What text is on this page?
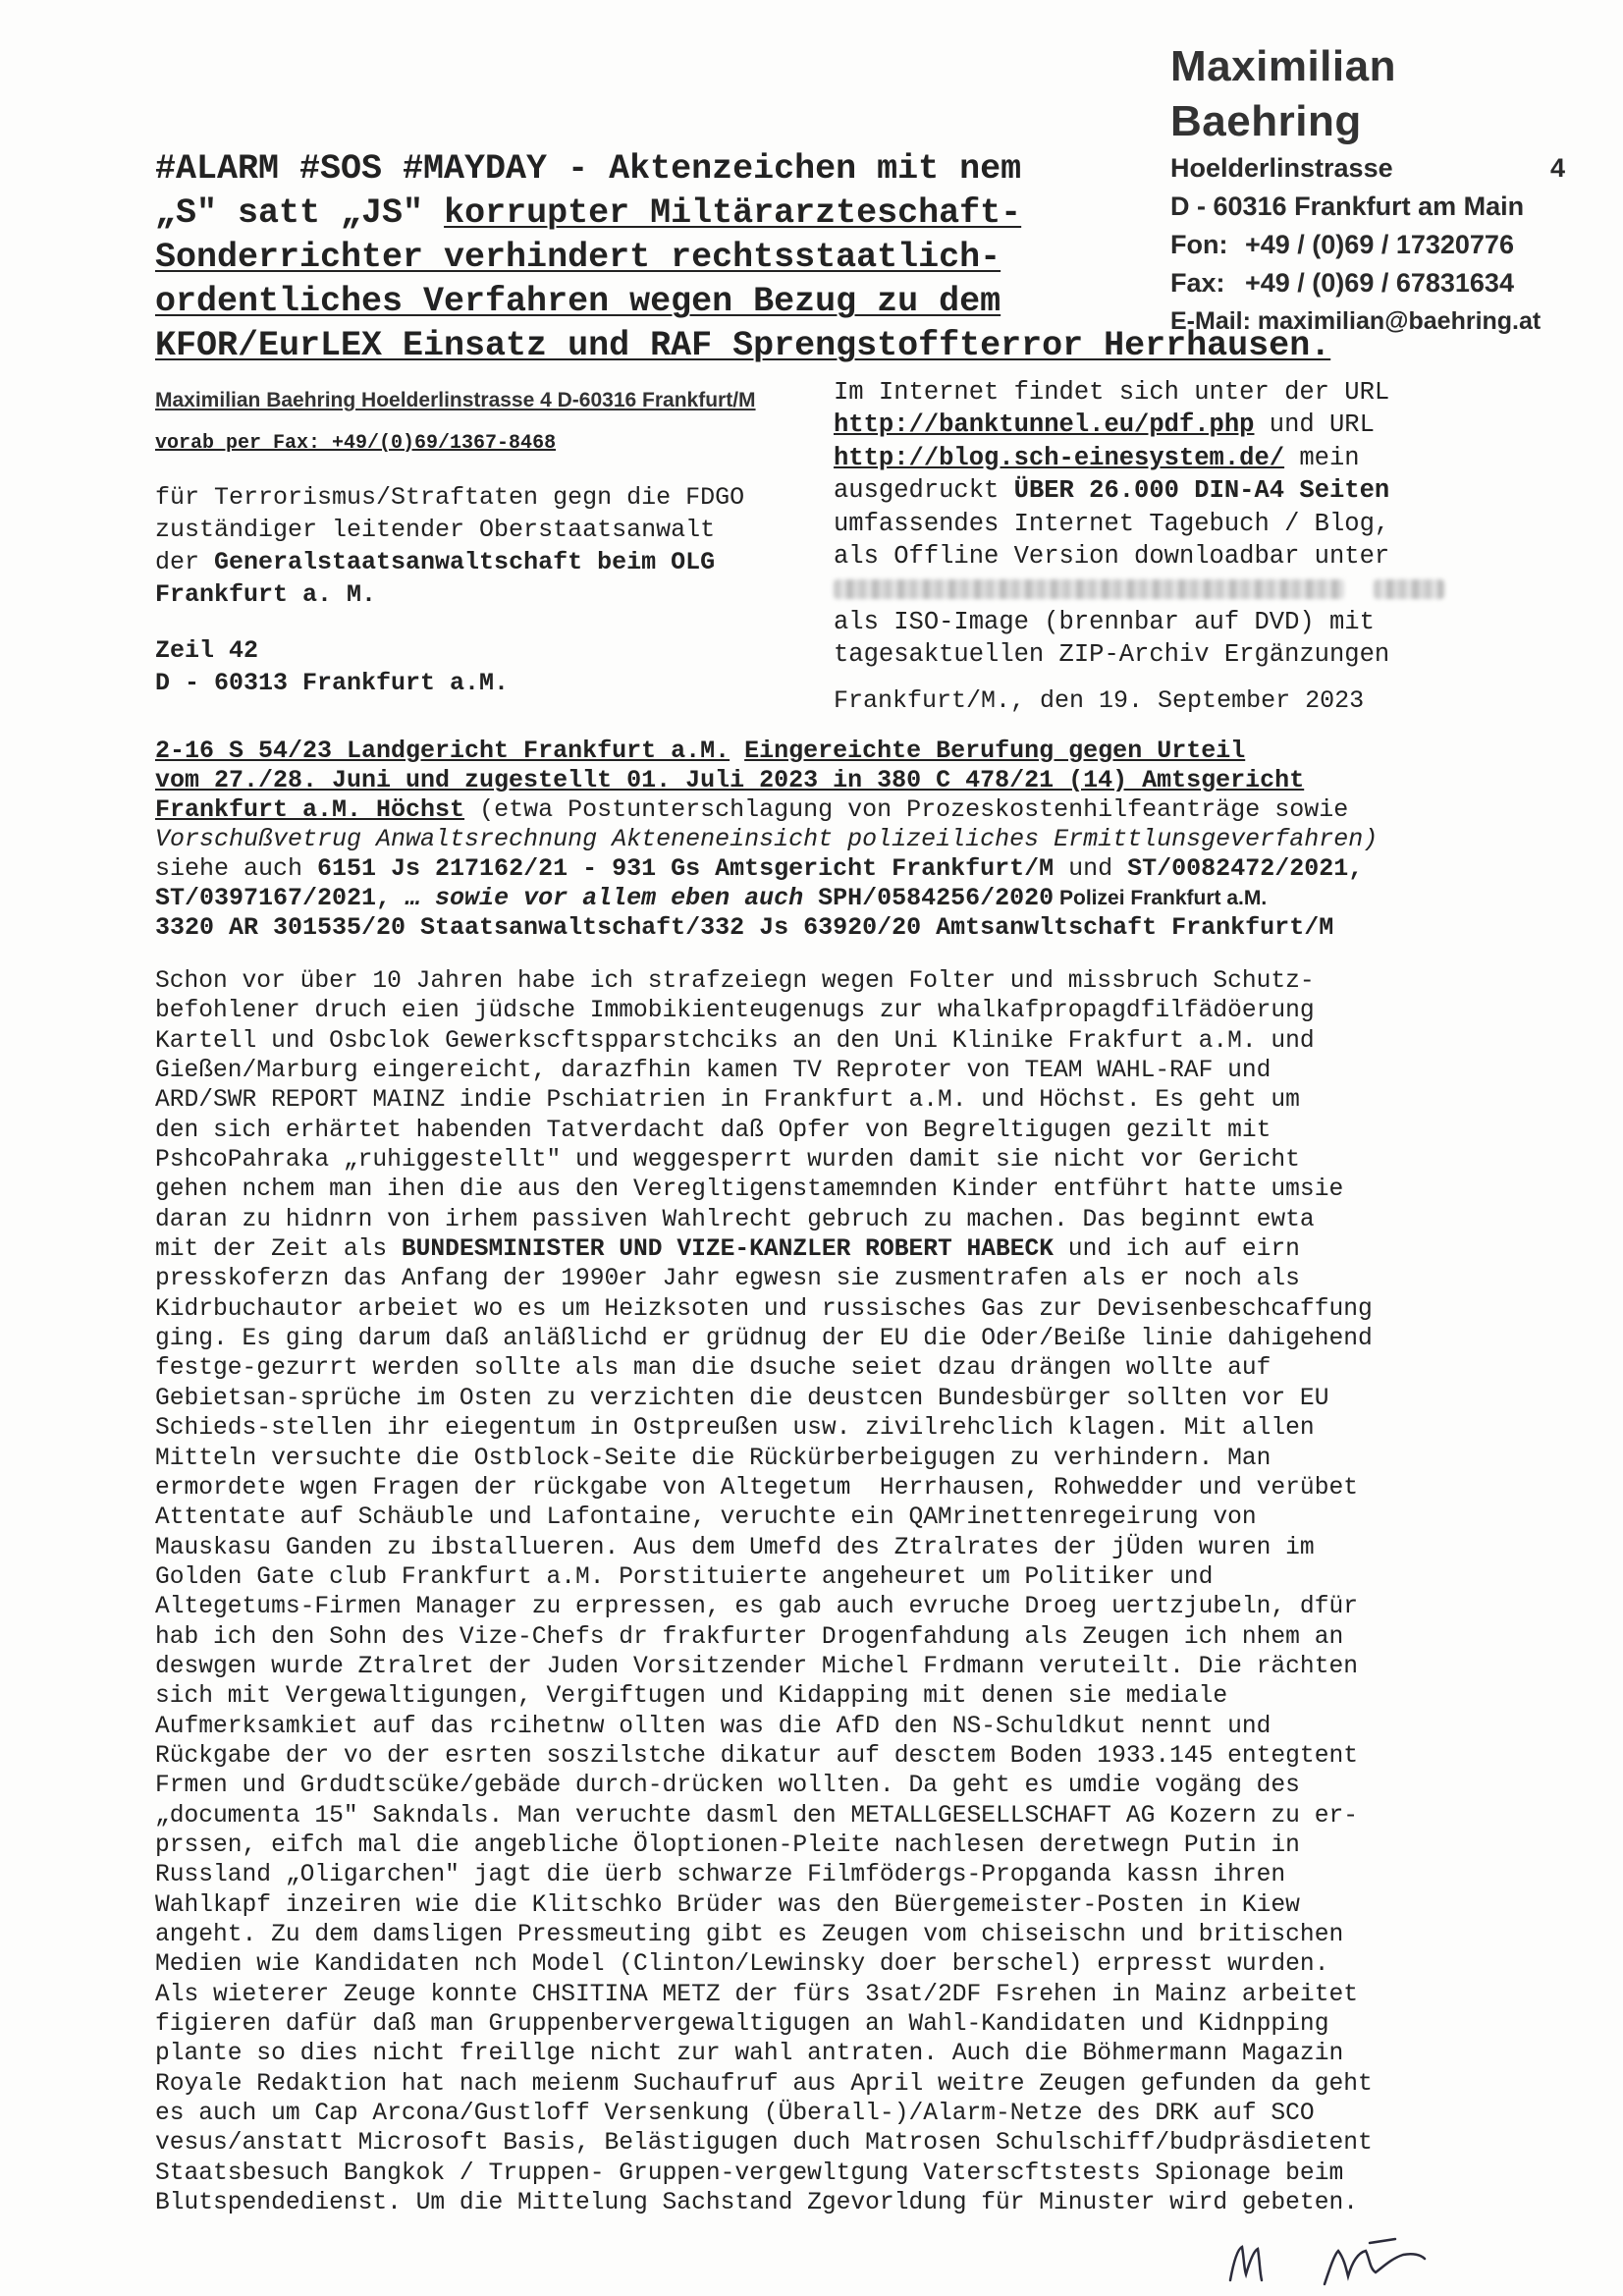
Maximilian Baehring
Hoelderlinstrasse	4
D - 60316 Frankfurt am Main
Fon: +49 / (0)69 / 17320776
Fax: +49 / (0)69 / 67831634
E-Mail: maximilian@baehring.at
#ALARM #SOS #MAYDAY - Aktenzeichen mit nem
„S" satt „JS" korrupter Miltärarzteschaft-
Sonderrichter verhindert rechtsstaatlich-
ordentliches Verfahren wegen Bezug zu dem
KFOR/EurLEX Einsatz und RAF Sprengstoffterror Herrhausen.
Maximilian Baehring Hoelderlinstrasse 4 D-60316 Frankfurt/M
vorab per Fax: +49/(0)69/1367-8468
für Terrorismus/Straftaten gegn die FDGO
zuständiger leitender Oberstaatsanwalt
der Generalstaatsanwaltschaft beim OLG
Frankfurt a. M.
Zeil 42
D - 60313 Frankfurt a.M.
Im Internet findet sich unter der URL
http://banktunnel.eu/pdf.php und URL
http://blog.sch-einesystem.de/ mein
ausgedruckt ÜBER 26.000 DIN-A4 Seiten
umfassendes Internet Tagebuch / Blog,
als Offline Version downloadbar unter
als ISO-Image (brennbar auf DVD) mit
tagesaktuellen ZIP-Archiv Ergänzungen
Frankfurt/M., den 19. September 2023
2-16 S 54/23 Landgericht Frankfurt a.M. Eingereichte Berufung gegen Urteil
vom 27./28. Juni und zugestellt 01. Juli 2023 in 380 C 478/21 (14) Amtsgericht
Frankfurt a.M. Höchst (etwa Postunterschlagung von Prozeskostenhilfeanträge sowie
Vorschußvetrug Anwaltsrechnung Akteneneinsicht polizeiliches Ermittlunsgeverfahren)
siehe auch 6151 Js 217162/21 - 931 Gs Amtsgericht Frankfurt/M und ST/0082472/2021,
ST/0397167/2021, … sowie vor allem eben auch SPH/0584256/2020 Polizei Frankfurt a.M.
3320 AR 301535/20 Staatsanwaltschaft/332 Js 63920/20 Amtsanwltschaft Frankfurt/M
Schon vor über 10 Jahren habe ich strafzeiegn wegen Folter und missbruch Schutz-
befohlener druch eien jüdsche Immobikienteugenugs zur whalkafpropagdfilfädöerung
Kartell und Osbclok Gewerkscftspparstchciks an den Uni Klinike Frakfurt a.M. und
Gießen/Marburg eingereicht, darazfhin kamen TV Reproter von TEAM WAHL-RAF und
ARD/SWR REPORT MAINZ indie Pschiatrien in Frankfurt a.M. und Höchst. Es geht um
den sich erhärtet habenden Tatverdacht daß Opfer von Begreltigugen gezilt mit
PshcoPahraka „ruhiggestellt" und weggesperrt wurden damit sie nicht vor Gericht
gehen nchem man ihen die aus den Veregltigenstamemnden Kinder entführt hatte umsie
daran zu hidnrn von irhem passiven Wahlrecht gebruch zu machen. Das beginnt ewta
mit der Zeit als BUNDESMINISTER UND VIZE-KANZLER ROBERT HABECK und ich auf eirn
presskoferzn das Anfang der 1990er Jahr egwesn sie zusmentrafen als er noch als
Kidrbuchautor arbeiet wo es um Heizksoten und russisches Gas zur Devisenbeschcaffung
ging. Es ging darum daß anläßlichd er grüdnug der EU die Oder/Beiße linie dahigehend
festge-gezurrt werden sollte als man die dsuche seiet dzau drängen wollte auf
Gebietsan-sprüche im Osten zu verzichten die deustcen Bundesbürger sollten vor EU
Schieds-stellen ihr eiegentum in Ostpreußen usw. zivilrehclich klagen. Mit allen
Mitteln versuchte die Ostblock-Seite die Rückürberbeigugen zu verhindern. Man
ermordete wgen Fragen der rückgabe von Altegetum  Herrhausen, Rohwedder und verübet
Attentate auf Schäuble und Lafontaine, veruchte ein QAMrinettenregeirung von
Mauskasu Ganden zu ibstallueren. Aus dem Umefd des Ztralrates der jÜden wuren im
Golden Gate club Frankfurt a.M. Porstituierte angeheuret um Politiker und
Altegetums-Firmen Manager zu erpressen, es gab auch evruche Droeg uertzjubeln, dfür
hab ich den Sohn des Vize-Chefs dr frakfurter Drogenfahdung als Zeugen ich nhem an
deswgen wurde Ztralret der Juden Vorsitzender Michel Frdmann veruteilt. Die rächten
sich mit Vergewaltigungen, Vergiftugen und Kidapping mit denen sie mediale
Aufmerksamkiet auf das rcihetnw ollten was die AfD den NS-Schuldkut nennt und
Rückgabe der vo der esrten soszilstche dikatur auf desctem Boden 1933.145 entegtent
Frmen und Grdudtscüke/gebäde durch-drücken wollten. Da geht es umdie vogäng des
„documenta 15" Sakndals. Man veruchte dasml den METALLGESELLSCHAFT AG Kozern zu er-
prssen, eifch mal die angebliche Öloptionen-Pleite nachlesen deretwegn Putin in
Russland „Oligarchen" jagt die üerb schwarze Filmfödergs-Propganda kassn ihren
Wahlkapf inzeiren wie die Klitschko Brüder was den Büergemeister-Posten in Kiew
angeht. Zu dem damsligen Pressmeuting gibt es Zeugen vom chiseischn und britischen
Medien wie Kandidaten nch Model (Clinton/Lewinsky doer berschel) erpresst wurden.
Als wieterer Zeuge konnte CHSITINA METZ der fürs 3sat/2DF Fsrehen in Mainz arbeitet
figieren dafür daß man Gruppenbervergewaltigugen an Wahl-Kandidaten und Kidnpping
plante so dies nicht freillge nicht zur wahl antraten. Auch die Böhmermann Magazin
Royale Redaktion hat nach meienm Suchaufruf aus April weitre Zeugen gefunden da geht
es auch um Cap Arcona/Gustloff Versenkung (Überall-)/Alarm-Netze des DRK auf SCO
vesus/anstatt Microsoft Basis, Belästigugen duch Matrosen Schulschiff/budpräsdietent
Staatsbesuch Bangkok / Truppen- Gruppen-vergewltgung Vaterscftstests Spionage beim
Blutspendedienst. Um die Mittelung Sachstand Zgevorldung für Minuster wird gebeten.
